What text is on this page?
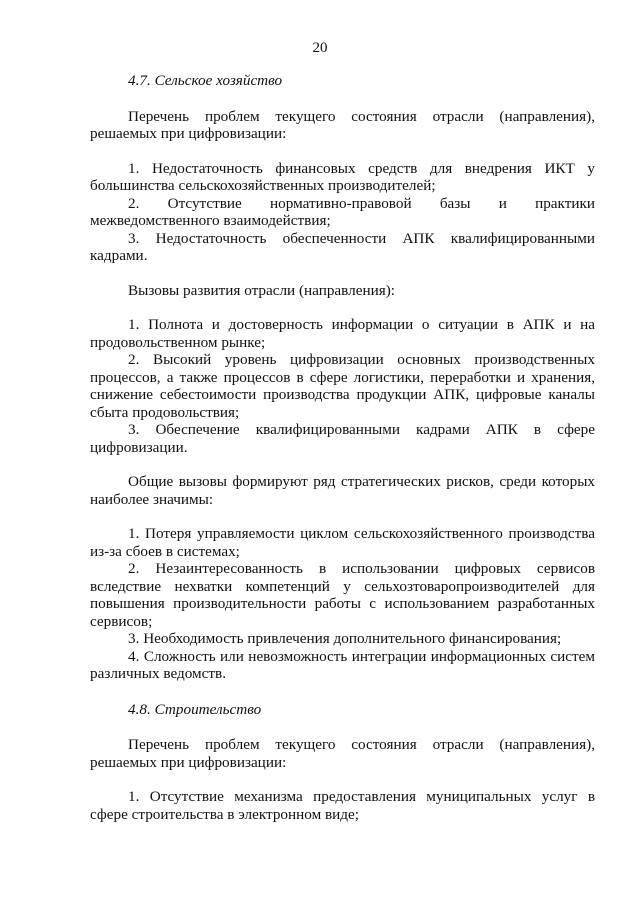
20

4.7. Сельское хозяйство

Перечень проблем текущего состояния отрасли (направления), решаемых при цифровизации:

1. Недостаточность финансовых средств для внедрения ИКТ у большинства сельскохозяйственных производителей;

2. Отсутствие нормативно-правовой базы и практики межведомственного взаимодействия;

3. Недостаточность обеспеченности АПК квалифицированными кадрами.

Вызовы развития отрасли (направления):

1. Полнота и достоверность информации о ситуации в АПК и на продовольственном рынке;

2. Высокий уровень цифровизации основных производственных процессов, а также процессов в сфере логистики, переработки и хранения, снижение себестоимости производства продукции АПК, цифровые каналы сбыта продовольствия;

3. Обеспечение квалифицированными кадрами АПК в сфере цифровизации.

Общие вызовы формируют ряд стратегических рисков, среди которых наиболее значимы:

1. Потеря управляемости циклом сельскохозяйственного производства из-за сбоев в системах;

2. Незаинтересованность в использовании цифровых сервисов вследствие нехватки компетенций у сельхозтоваропроизводителей для повышения производительности работы с использованием разработанных сервисов;

3. Необходимость привлечения дополнительного финансирования;

4. Сложность или невозможность интеграции информационных систем различных ведомств.

4.8. Строительство

Перечень проблем текущего состояния отрасли (направления), решаемых при цифровизации:

1. Отсутствие механизма предоставления муниципальных услуг в сфере строительства в электронном виде;
